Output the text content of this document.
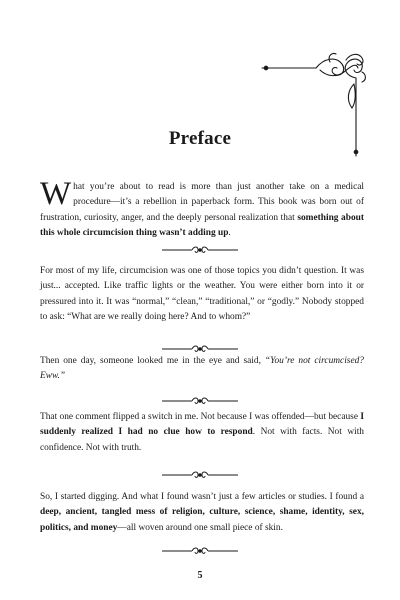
Preface

What you’re about to read is more than just another take on a medical procedure—it’s a rebellion in paperback form. This book was born out of frustration, curiosity, anger, and the deeply personal realization that something about this whole circumcision thing wasn’t adding up.

For most of my life, circumcision was one of those topics you didn’t question. It was just... accepted. Like traffic lights or the weather. You were either born into it or pressured into it. It was “normal,” “clean,” “traditional,” or “godly.” Nobody stopped to ask: “What are we really doing here? And to whom?”

Then one day, someone looked me in the eye and said, “You’re not circumcised? Eww.”

That one comment flipped a switch in me. Not because I was offended—but because I suddenly realized I had no clue how to respond. Not with facts. Not with confidence. Not with truth.

So, I started digging. And what I found wasn’t just a few articles or studies. I found a deep, ancient, tangled mess of religion, culture, science, shame, identity, sex, politics, and money—all woven around one small piece of skin.

5
